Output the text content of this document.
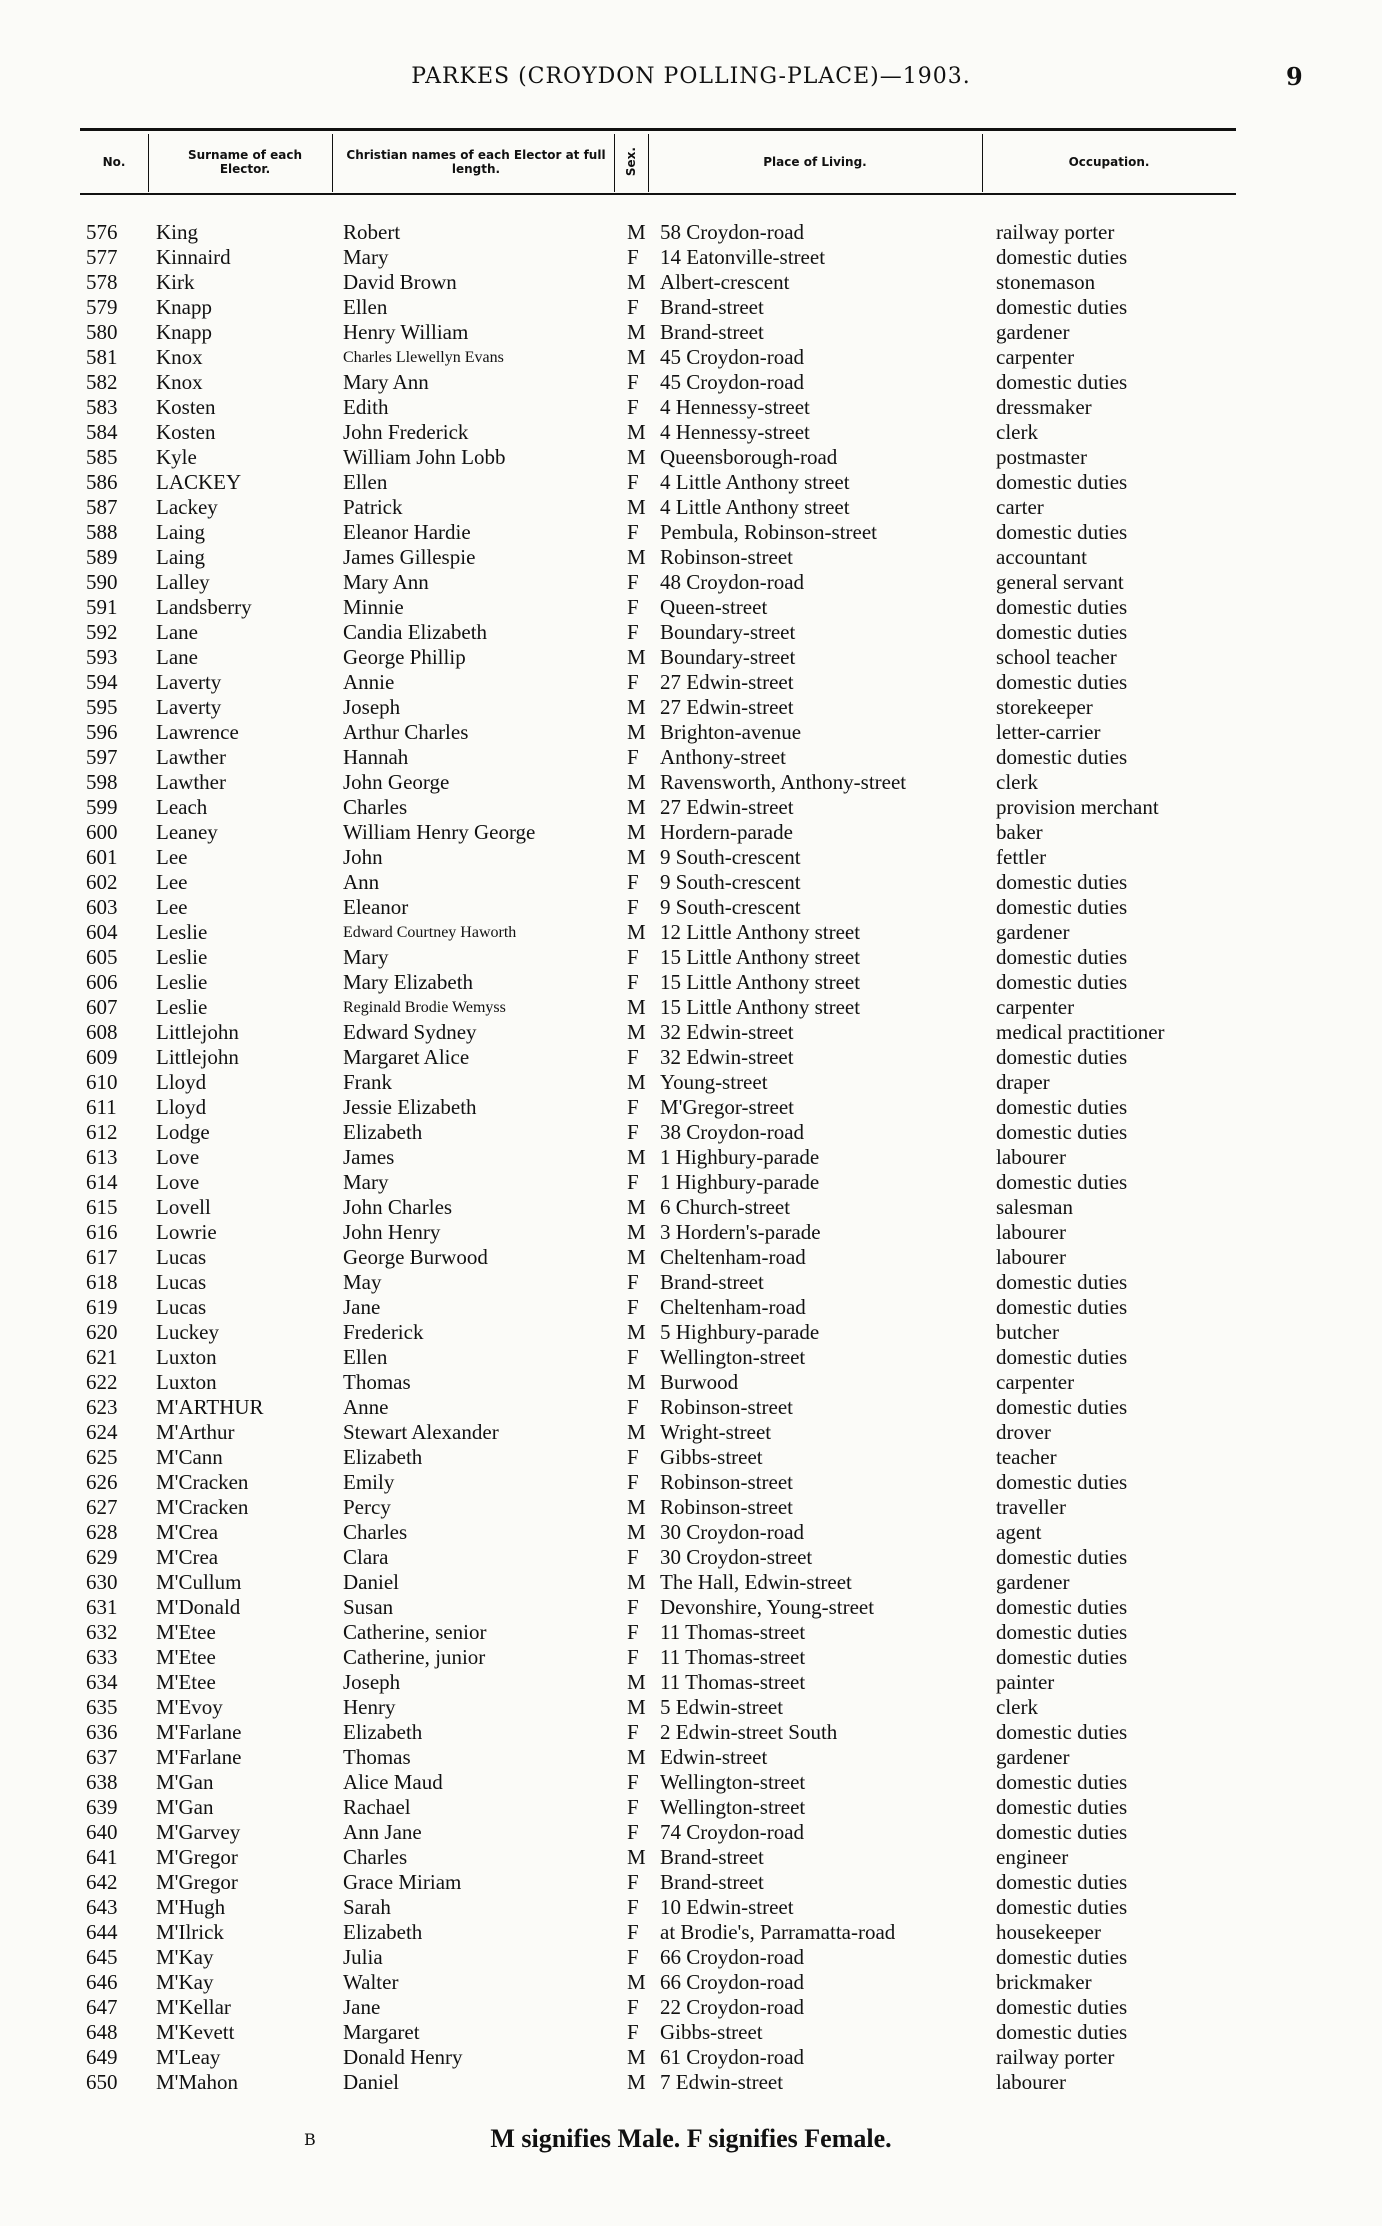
PARKES (CROYDON POLLING-PLACE)—1903.	9
No.	Surname of each Elector.
Christian names of each Elector at full length.	Sex.	Place of Living.	Occupation.
576	King	Robert	M 58 Croydon-road	railway porter
577	Kinnaird	Mary	F 14 Eatonville-street	domestic duties
578	Kirk	David Brown	M Albert-crescent	stonemason
579	Knapp	Ellen	F Brand-street	domestic duties
580	Knapp	Henry William	M Brand-street	gardener
581	Knox	Charles Llewellyn Evans	M 45 Croydon-road	carpenter
582	Knox	Mary Ann	F 45 Croydon-road	domestic duties
583	Kosten	Edith	F 4 Hennessy-street	dressmaker
584	Kosten	John Frederick	M 4 Hennessy-street	clerk
585	Kyle	William John Lobb	M Queensborough-road	postmaster
586	LACKEY	Ellen	F 4 Little Anthony street	domestic duties
587	Lackey	Patrick	M 4 Little Anthony street	carter
588	Laing	Eleanor Hardie	F Pembula, Robinson-street	domestic duties
589	Laing	James Gillespie	M Robinson-street	accountant
590	Lalley	Mary Ann	F 48 Croydon-road	general servant
591	Landsberry	Minnie	F Queen-street	domestic duties
592	Lane	Candia Elizabeth	F Boundary-street	domestic duties
593	Lane	George Phillip	M Boundary-street	school teacher
594	Laverty	Annie	F 27 Edwin-street	domestic duties
595	Laverty	Joseph	M 27 Edwin-street	storekeeper
596	Lawrence	Arthur Charles	M Brighton-avenue	letter-carrier
597	Lawther	Hannah	F Anthony-street	domestic duties
598	Lawther	John George	M Ravensworth, Anthony-street	clerk
599	Leach	Charles	M 27 Edwin-street	provision merchant
600	Leaney	William Henry George	M Hordern-parade	baker
601	Lee	John	M 9 South-crescent	fettler
602	Lee	Ann	F 9 South-crescent	domestic duties
603	Lee	Eleanor	F 9 South-crescent	domestic duties
604	Leslie	Edward Courtney Haworth	M 12 Little Anthony street	gardener
605	Leslie	Mary	F 15 Little Anthony street	domestic duties
606	Leslie	Mary Elizabeth	F 15 Little Anthony street	domestic duties
607	Leslie	Reginald Brodie Wemyss	M 15 Little Anthony street	carpenter
608	Littlejohn	Edward Sydney	M 32 Edwin-street	medical practitioner
609	Littlejohn	Margaret Alice	F 32 Edwin-street	domestic duties
610	Lloyd	Frank	M Young-street	draper
611	Lloyd	Jessie Elizabeth	F M'Gregor-street	domestic duties
612	Lodge	Elizabeth	F 38 Croydon-road	domestic duties
613	Love	James	M 1 Highbury-parade	labourer
614	Love	Mary	F 1 Highbury-parade	domestic duties
615	Lovell	John Charles	M 6 Church-street	salesman
616	Lowrie	John Henry	M 3 Hordern's-parade	labourer
617	Lucas	George Burwood	M Cheltenham-road	labourer
618	Lucas	May	F Brand-street	domestic duties
619	Lucas	Jane	F Cheltenham-road	domestic duties
620	Luckey	Frederick	M 5 Highbury-parade	butcher
621	Luxton	Ellen	F Wellington-street	domestic duties
622	Luxton	Thomas	M Burwood	carpenter
623	M'ARTHUR	Anne	F Robinson-street	domestic duties
624	M'Arthur	Stewart Alexander	M Wright-street	drover
625	M'Cann	Elizabeth	F Gibbs-street	teacher
626	M'Cracken	Emily	F Robinson-street	domestic duties
627	M'Cracken	Percy	M Robinson-street	traveller
628	M'Crea	Charles	M 30 Croydon-road	agent
629	M'Crea	Clara	F 30 Croydon-street	domestic duties
630	M'Cullum	Daniel	M The Hall, Edwin-street	gardener
631	M'Donald	Susan	F Devonshire, Young-street	domestic duties
632	M'Etee	Catherine, senior	F 11 Thomas-street	domestic duties
633	M'Etee	Catherine, junior	F 11 Thomas-street	domestic duties
634	M'Etee	Joseph	M 11 Thomas-street	painter
635	M'Evoy	Henry	M 5 Edwin-street	clerk
636	M'Farlane	Elizabeth	F 2 Edwin-street South	domestic duties
637	M'Farlane	Thomas	M Edwin-street	gardener
638	M'Gan	Alice Maud	F Wellington-street	domestic duties
639	M'Gan	Rachael	F Wellington-street	domestic duties
640	M'Garvey	Ann Jane	F 74 Croydon-road	domestic duties
641	M'Gregor	Charles	M Brand-street	engineer
642	M'Gregor	Grace Miriam	F Brand-street	domestic duties
643	M'Hugh	Sarah	F 10 Edwin-street	domestic duties
644	M'Ilrick	Elizabeth	F at Brodie's, Parramatta-road	housekeeper
645	M'Kay	Julia	F 66 Croydon-road	domestic duties
646	M'Kay	Walter	M 66 Croydon-road	brickmaker
647	M'Kellar	Jane	F 22 Croydon-road	domestic duties
648	M'Kevett	Margaret	F Gibbs-street	domestic duties
649	M'Leay	Donald Henry	M 61 Croydon-road	railway porter
650	M'Mahon	Daniel	M 7 Edwin-street	labourer
B	M signifies Male. F signifies Female.
